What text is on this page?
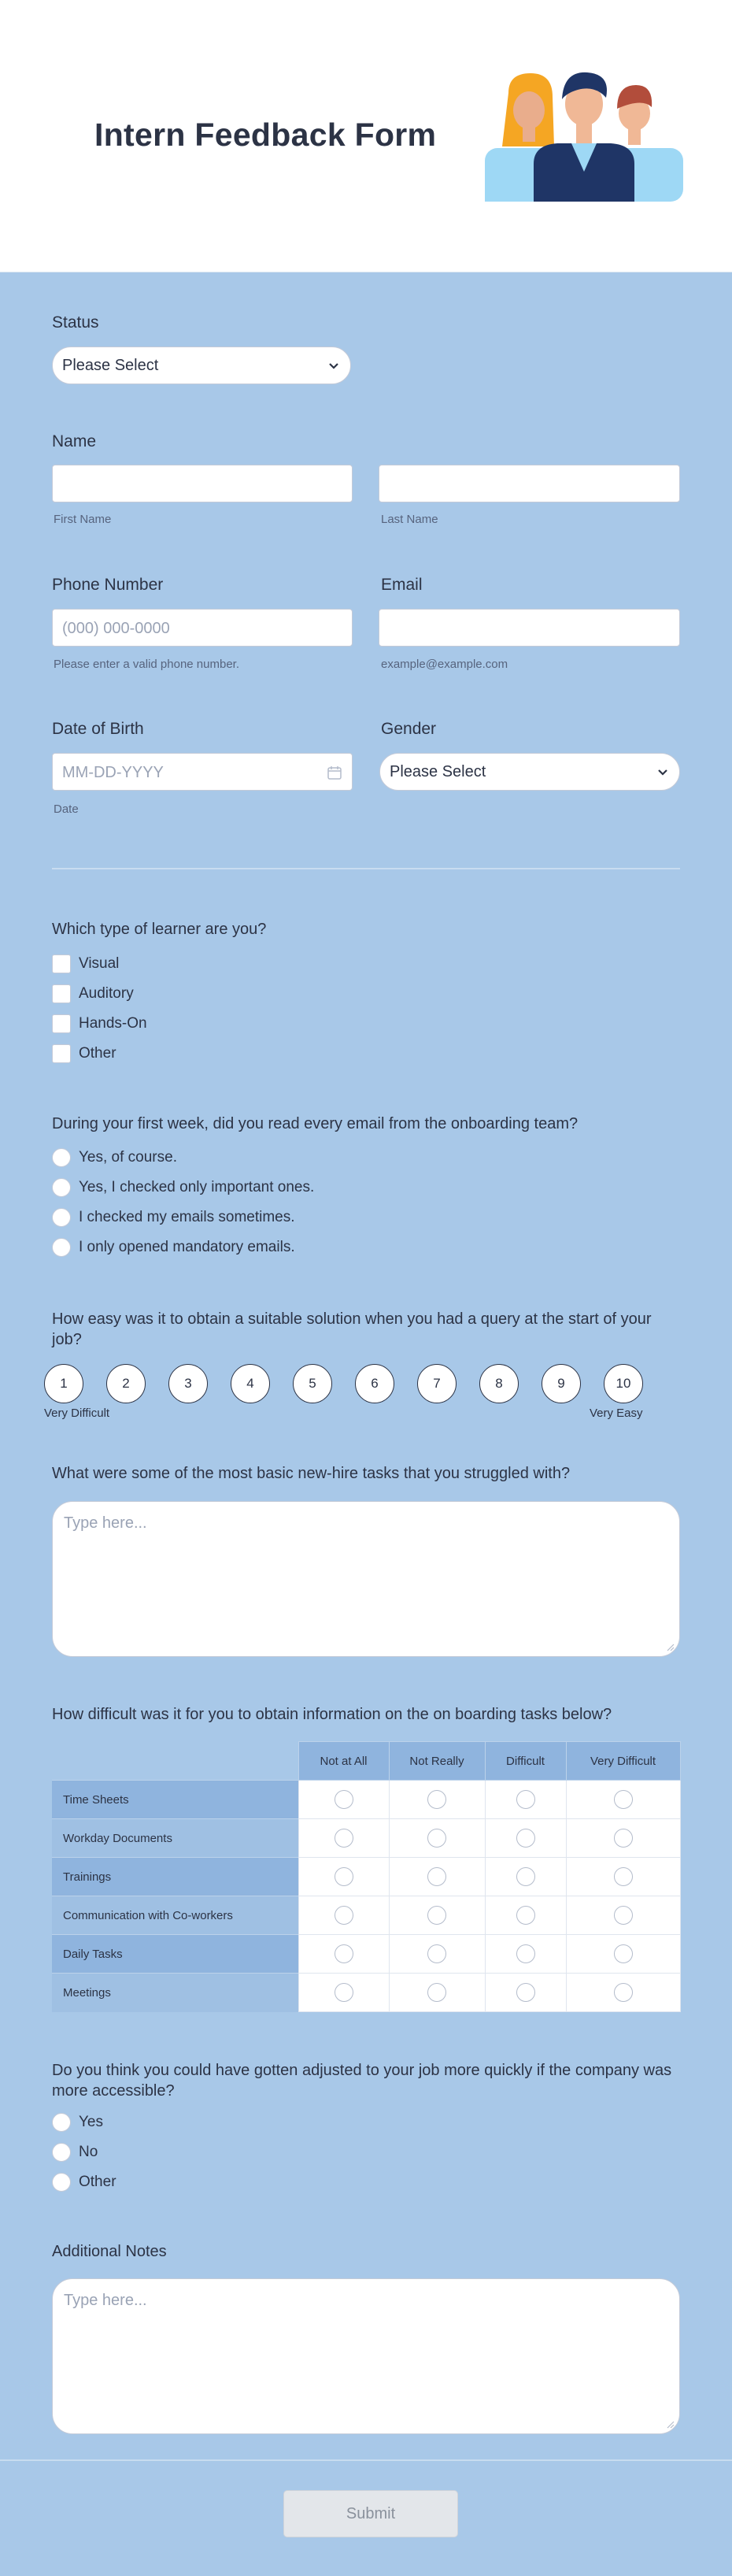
Intern Feedback Form
Status
Please Select
Name
First Name	Last Name
Phone Number	Email
(000) 000-0000
Please enter a valid phone number.	example@example.com
Date of Birth	Gender
MM-DD-YYYY	Please Select
Date
Which type of learner are you?
Visual
Auditory
Hands-On
Other
During your first week, did you read every email from the onboarding team?
Yes, of course.
Yes, I checked only important ones.
I checked my emails sometimes.
I only opened mandatory emails.
How easy was it to obtain a suitable solution when you had a query at the start of your job?
1	2	3	4	5	6	7	8	9	10
Very Difficult	Very Easy
What were some of the most basic new-hire tasks that you struggled with?
Type here...
How difficult was it for you to obtain information on the on boarding tasks below?
	Not at All	Not Really	Difficult	Very Difficult
Time Sheets				
Workday Documents				
Trainings				
Communication with Co-workers				
Daily Tasks				
Meetings				
Do you think you could have gotten adjusted to your job more quickly if the company was more accessible?
Yes
No
Other
Additional Notes
Type here...
Submit
